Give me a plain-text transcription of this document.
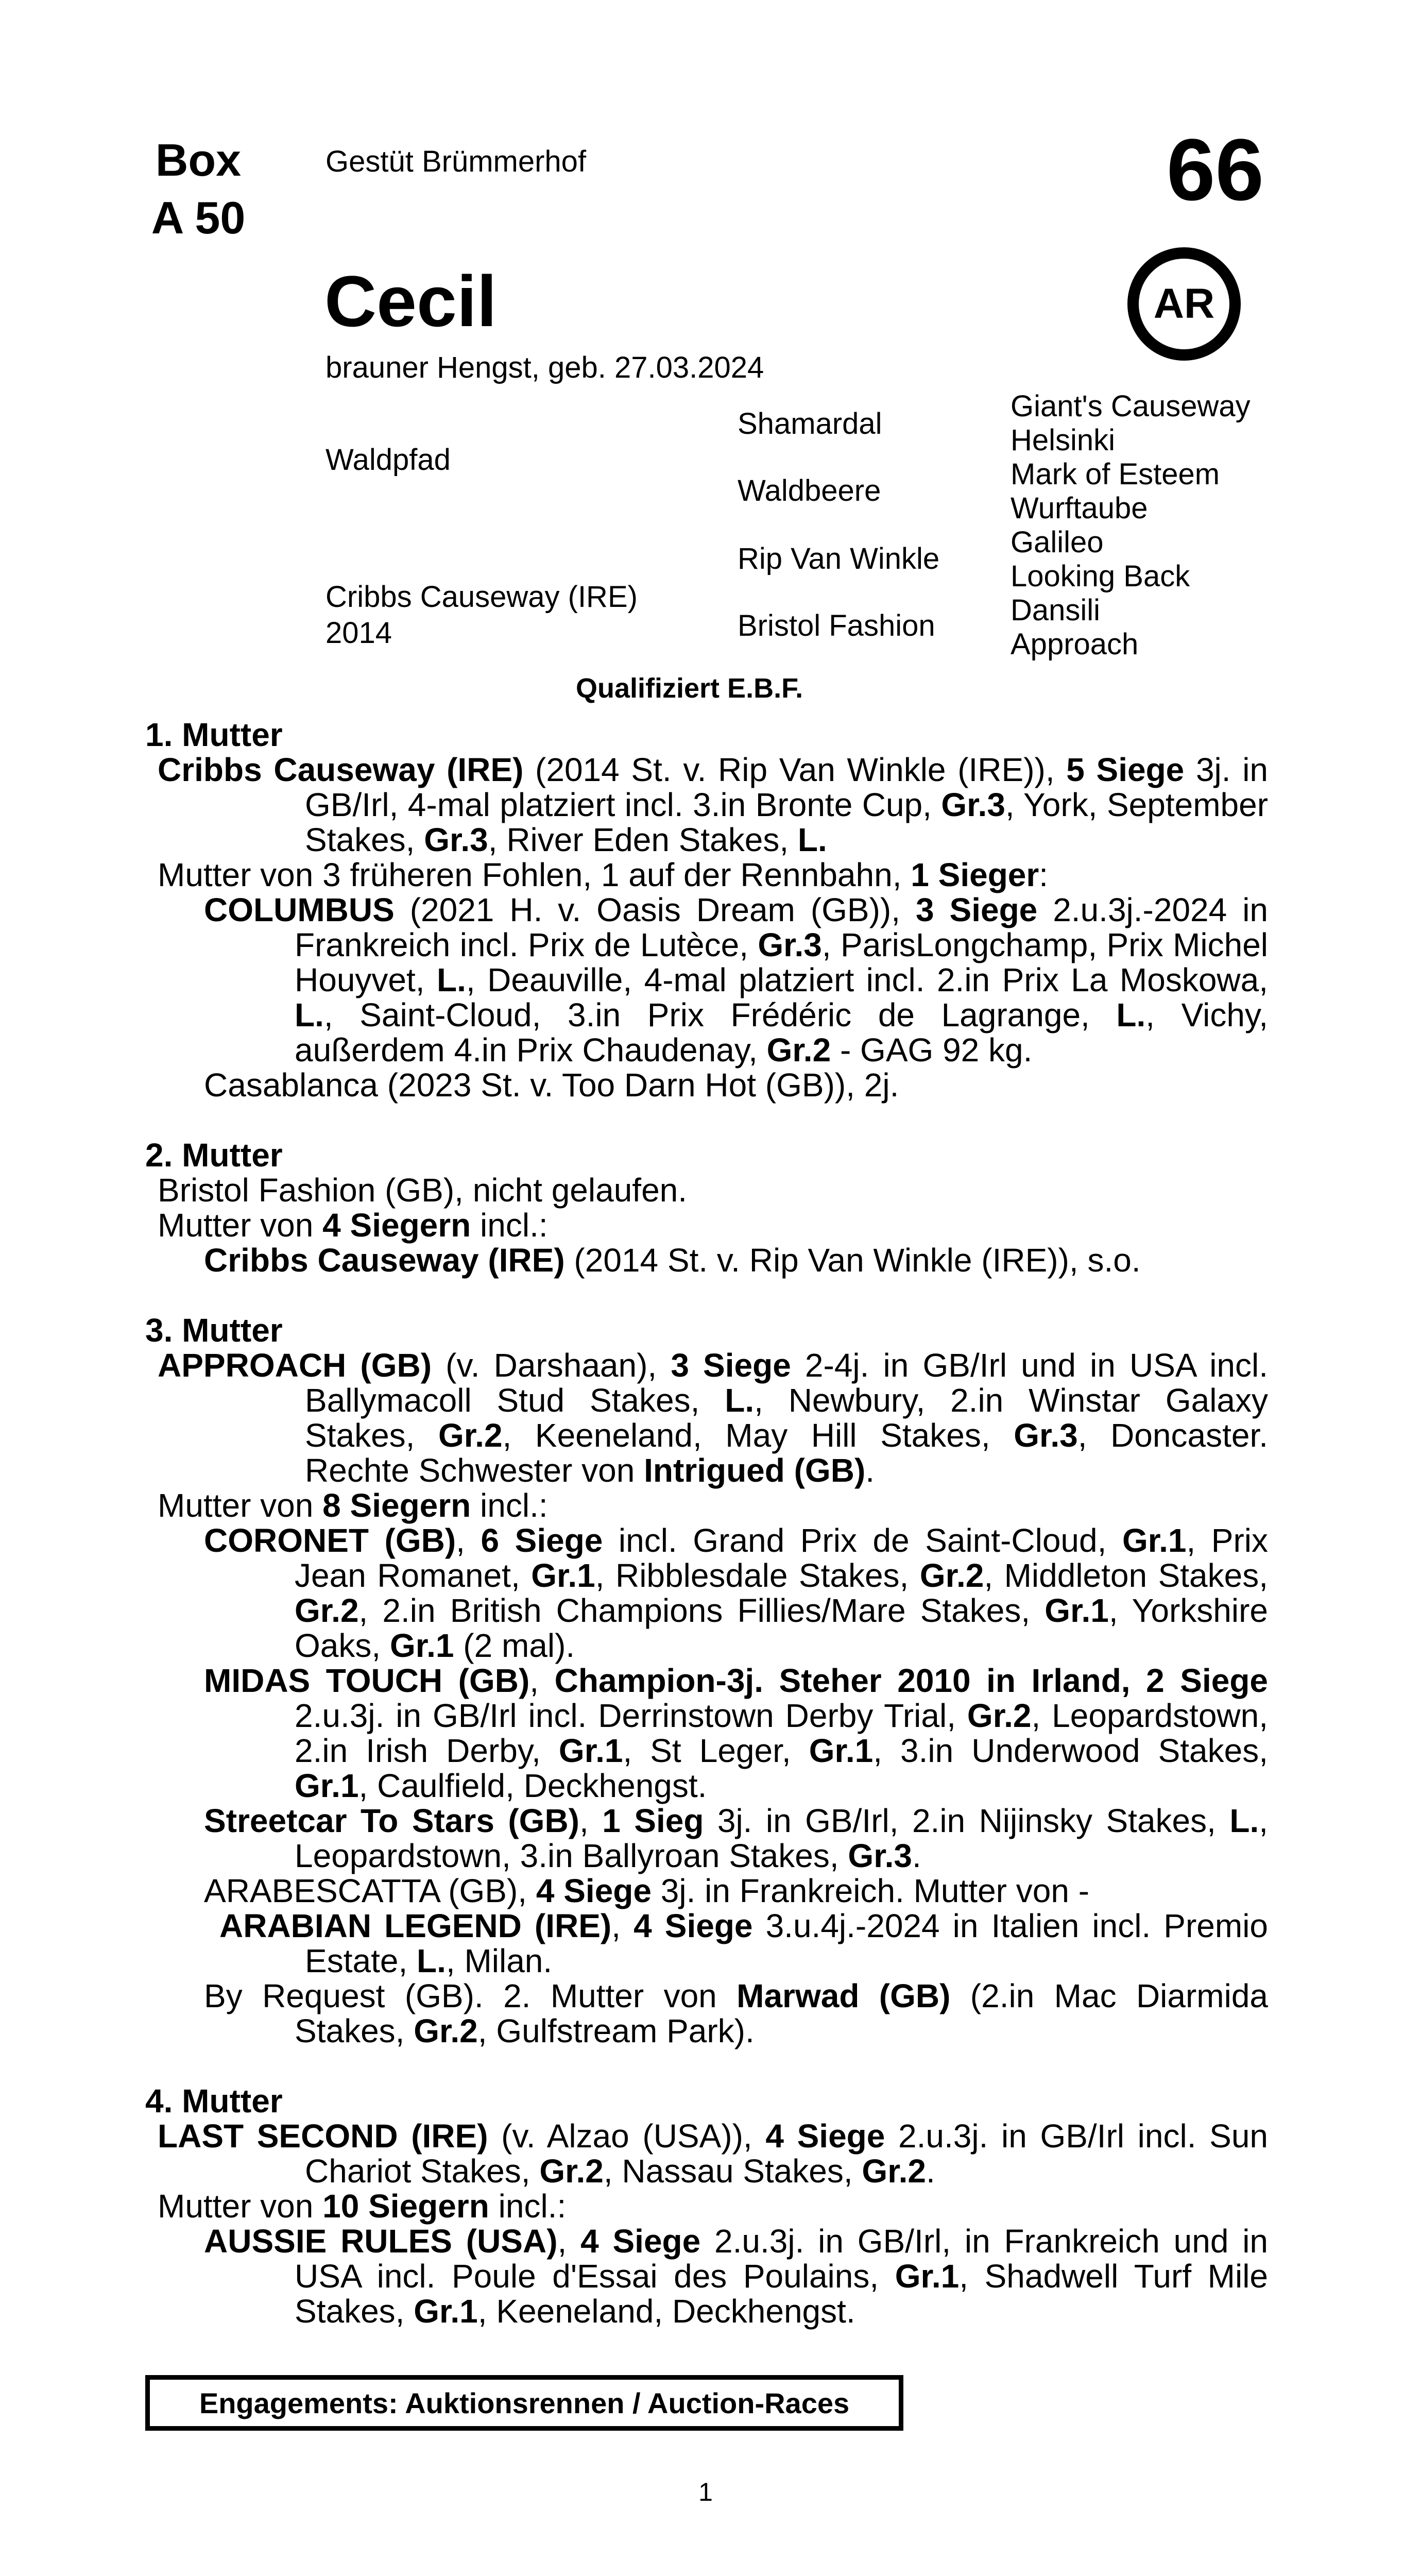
Box
A 50
Gestüt Brümmerhof	66
AR
Cecil
brauner Hengst, geb. 27.03.2024
Waldpfad
Cribbs Causeway (IRE)
2014
Shamardal
Waldbeere
Rip Van Winkle
Bristol Fashion
Giant's Causeway
Helsinki
Mark of Esteem
Wurftaube
Galileo
Looking Back
Dansili
Approach
Qualifiziert E.B.F.

1. Mutter

Cribbs Causeway (IRE) (2014 St. v. Rip Van Winkle (IRE)), 5 Siege 3j. in GB/Irl, 4-mal platziert incl. 3.in Bronte Cup, Gr.3, York, September Stakes, Gr.3, River Eden Stakes, L.

Mutter von 3 früheren Fohlen, 1 auf der Rennbahn, 1 Sieger:

COLUMBUS (2021 H. v. Oasis Dream (GB)), 3 Siege 2.u.3j.-2024 in Frankreich incl. Prix de Lutèce, Gr.3, ParisLongchamp, Prix Michel Houyvet, L., Deauville, 4-mal platziert incl. 2.in Prix La Moskowa, L., Saint-Cloud, 3.in Prix Frédéric de Lagrange, L., Vichy, außerdem 4.in Prix Chaudenay, Gr.2 - GAG 92 kg.

Casablanca (2023 St. v. Too Darn Hot (GB)), 2j.

2. Mutter

Bristol Fashion (GB), nicht gelaufen.

Mutter von 4 Siegern incl.:

Cribbs Causeway (IRE) (2014 St. v. Rip Van Winkle (IRE)), s.o.

3. Mutter

APPROACH (GB) (v. Darshaan), 3 Siege 2-4j. in GB/Irl und in USA incl. Ballymacoll Stud Stakes, L., Newbury, 2.in Winstar Galaxy Stakes, Gr.2, Keeneland, May Hill Stakes, Gr.3, Doncaster. Rechte Schwester von Intrigued (GB).

Mutter von 8 Siegern incl.:

CORONET (GB), 6 Siege incl. Grand Prix de Saint-Cloud, Gr.1, Prix Jean Romanet, Gr.1, Ribblesdale Stakes, Gr.2, Middleton Stakes, Gr.2, 2.in British Champions Fillies/Mare Stakes, Gr.1, Yorkshire Oaks, Gr.1 (2 mal).

MIDAS TOUCH (GB), Champion-3j. Steher 2010 in Irland, 2 Siege 2.u.3j. in GB/Irl incl. Derrinstown Derby Trial, Gr.2, Leopardstown, 2.in Irish Derby, Gr.1, St Leger, Gr.1, 3.in Underwood Stakes, Gr.1, Caulfield, Deckhengst.

Streetcar To Stars (GB), 1 Sieg 3j. in GB/Irl, 2.in Nijinsky Stakes, L., Leopardstown, 3.in Ballyroan Stakes, Gr.3.

ARABESCATTA (GB), 4 Siege 3j. in Frankreich. Mutter von -

ARABIAN LEGEND (IRE), 4 Siege 3.u.4j.-2024 in Italien incl. Premio Estate, L., Milan.

By Request (GB). 2. Mutter von Marwad (GB) (2.in Mac Diarmida Stakes, Gr.2, Gulfstream Park).

4. Mutter

LAST SECOND (IRE) (v. Alzao (USA)), 4 Siege 2.u.3j. in GB/Irl incl. Sun Chariot Stakes, Gr.2, Nassau Stakes, Gr.2.

Mutter von 10 Siegern incl.:

AUSSIE RULES (USA), 4 Siege 2.u.3j. in GB/Irl, in Frankreich und in USA incl. Poule d'Essai des Poulains, Gr.1, Shadwell Turf Mile Stakes, Gr.1, Keeneland, Deckhengst.

Engagements: Auktionsrennen / Auction-Races
1
